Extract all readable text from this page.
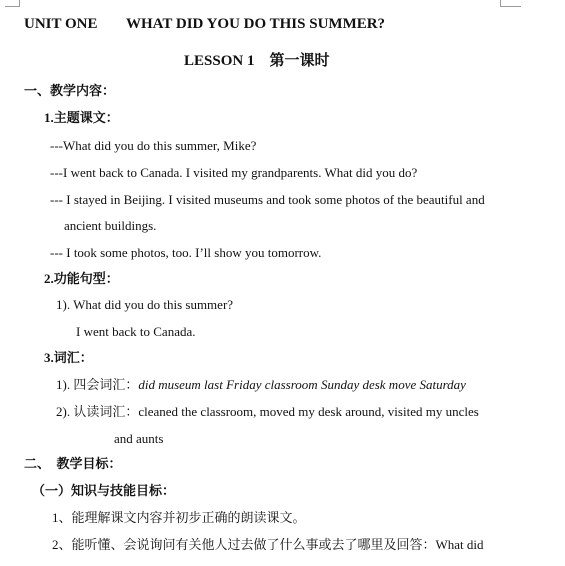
UNIT ONE WHAT DID YOU DO THIS SUMMER?
LESSON 1　第一课时
一、教学内容：
1.主题课文：
---What did you do this summer, Mike?
---I went back to Canada. I visited my grandparents. What did you do?
--- I stayed in Beijing. I visited museums and took some photos of the beautiful and
ancient buildings.
--- I took some photos, too. I’ll show you tomorrow.
2.功能句型：
1). What did you do this summer?
I went back to Canada.
3.词汇：
1). 四会词汇：did museum last Friday classroom Sunday desk move Saturday
2). 认读词汇：cleaned the classroom, moved my desk around, visited my uncles
and aunts
二、　教学目标：
（一）知识与技能目标：
1、能理解课文内容并初步正确的朗读课文。
2、能听懂、会说询问有关他人过去做了什么事或去了哪里及回答：What did
